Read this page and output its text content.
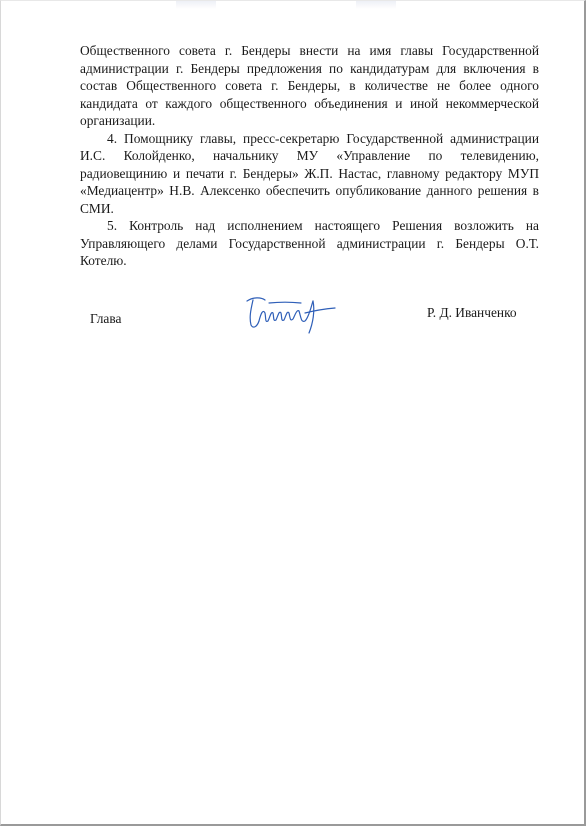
Общественного совета г. Бендеры внести на имя главы Государственной администрации г. Бендеры предложения по кандидатурам для включения в состав Общественного совета г. Бендеры, в количестве не более одного кандидата от каждого общественного объединения и иной некоммерческой организации.

4. Помощнику главы, пресс-секретарю Государственной администрации И.С. Колойденко, начальнику МУ «Управление по телевидению, радиовещинию и печати г. Бендеры» Ж.П. Настас, главному редактору МУП «Медиацентр» Н.В. Алексенко обеспечить опубликование данного решения в СМИ.

5. Контроль над исполнением настоящего Решения возложить на Управляющего делами Государственной администрации г. Бендеры О.Т. Котелю.

Глава	Р. Д. Иванченко
